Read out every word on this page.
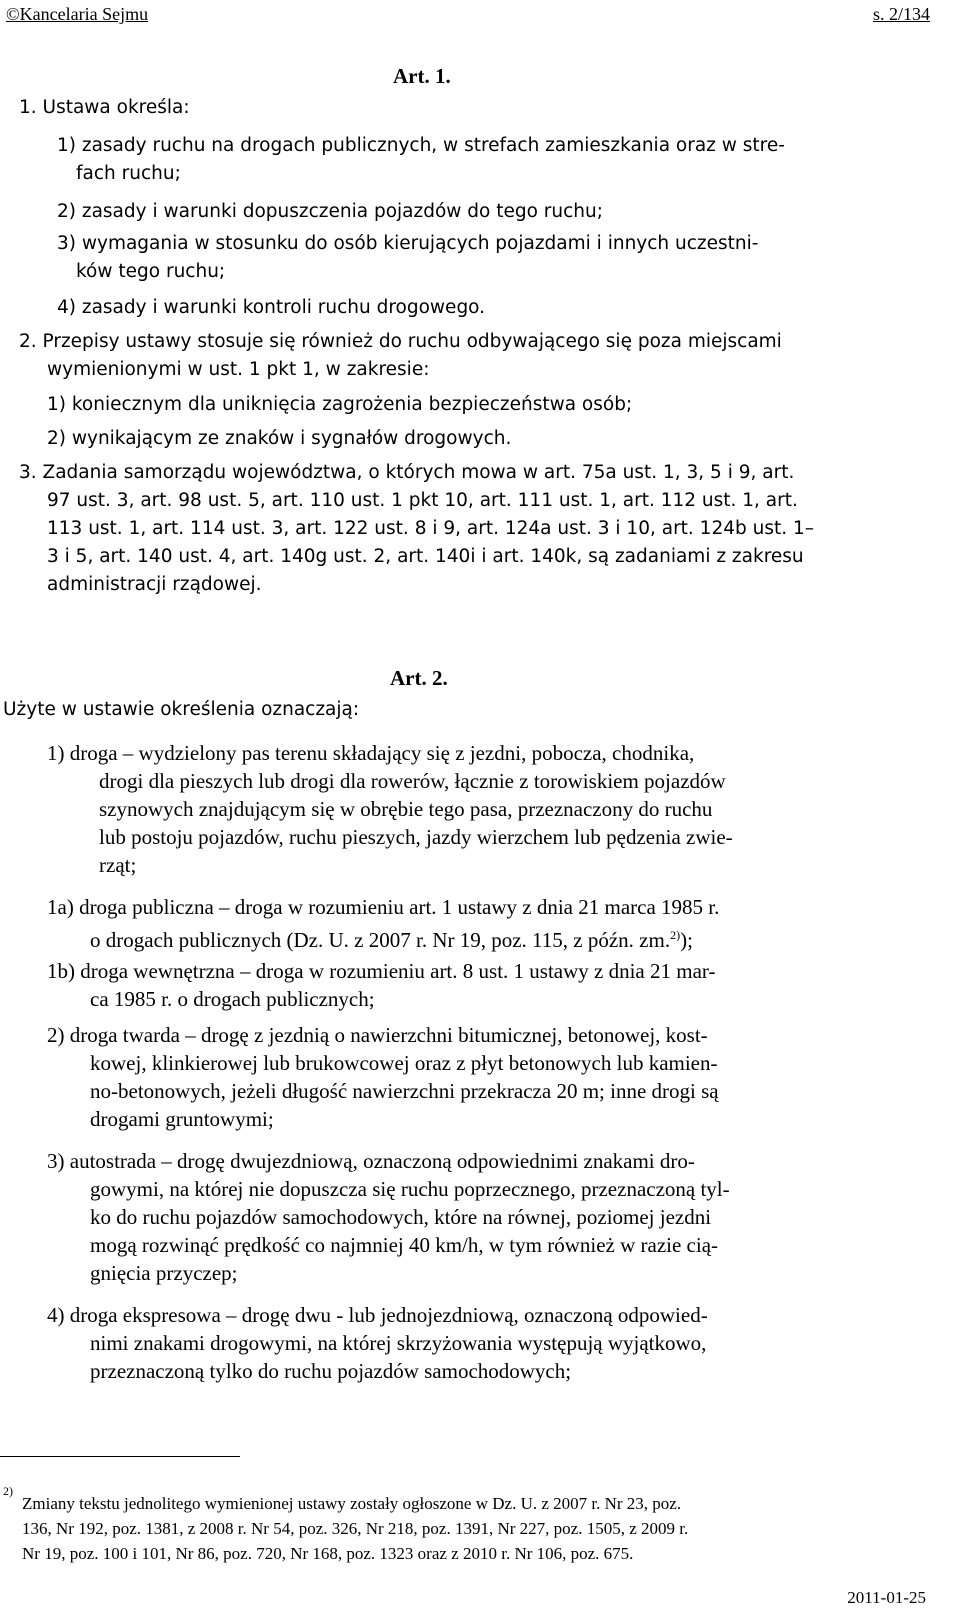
©Kancelaria Sejmu	s. 2/134
Art. 1.
1. Ustawa określa:
1) zasady ruchu na drogach publicznych, w strefach zamieszkania oraz w stre-
fach ruchu;
2) zasady i warunki dopuszczenia pojazdów do tego ruchu;
3) wymagania w stosunku do osób kierujących pojazdami i innych uczestni-
ków tego ruchu;
4) zasady i warunki kontroli ruchu drogowego.
2. Przepisy ustawy stosuje się również do ruchu odbywającego się poza miejscami
wymienionymi w ust. 1 pkt 1, w zakresie:
1) koniecznym dla uniknięcia zagrożenia bezpieczeństwa osób;
2) wynikającym ze znaków i sygnałów drogowych.
3. Zadania samorządu województwa, o których mowa w art. 75a ust. 1, 3, 5 i 9, art.
97 ust. 3, art. 98 ust. 5, art. 110 ust. 1 pkt 10, art. 111 ust. 1, art. 112 ust. 1, art.
113 ust. 1, art. 114 ust. 3, art. 122 ust. 8 i 9, art. 124a ust. 3 i 10, art. 124b ust. 1–
3 i 5, art. 140 ust. 4, art. 140g ust. 2, art. 140i i art. 140k, są zadaniami z zakresu
administracji rządowej.
Art. 2.
Użyte w ustawie określenia oznaczają:
1) droga – wydzielony pas terenu składający się z jezdni, pobocza, chodnika,
drogi dla pieszych lub drogi dla rowerów, łącznie z torowiskiem pojazdów
szynowych znajdującym się w obrębie tego pasa, przeznaczony do ruchu
lub postoju pojazdów, ruchu pieszych, jazdy wierzchem lub pędzenia zwie-
rząt;
1a) droga publiczna – droga w rozumieniu art. 1 ustawy z dnia 21 marca 1985 r.
o drogach publicznych (Dz. U. z 2007 r. Nr 19, poz. 115, z późn. zm.$^{2)}$);
1b) droga wewnętrzna – droga w rozumieniu art. 8 ust. 1 ustawy z dnia 21 mar-
ca 1985 r. o drogach publicznych;
2) droga twarda – drogę z jezdnią o nawierzchni bitumicznej, betonowej, kost-
kowej, klinkierowej lub brukowcowej oraz z płyt betonowych lub kamien-
no-betonowych, jeżeli długość nawierzchni przekracza 20 m; inne drogi są
drogami gruntowymi;
3) autostrada – drogę dwujezdniową, oznaczoną odpowiednimi znakami dro-
gowymi, na której nie dopuszcza się ruchu poprzecznego, przeznaczoną tyl-
ko do ruchu pojazdów samochodowych, które na równej, poziomej jezdni
mogą rozwinąć prędkość co najmniej 40 km/h, w tym również w razie cią-
gnięcia przyczep;
4) droga ekspresowa – drogę dwu - lub jednojezdniową, oznaczoną odpowied-
nimi znakami drogowymi, na której skrzyżowania występują wyjątkowo,
przeznaczoną tylko do ruchu pojazdów samochodowych;
$^{2)}$
Zmiany tekstu jednolitego wymienionej ustawy zostały ogłoszone w Dz. U. z 2007 r. Nr 23, poz.
136, Nr 192, poz. 1381, z 2008 r. Nr 54, poz. 326, Nr 218, poz. 1391, Nr 227, poz. 1505, z 2009 r.
Nr 19, poz. 100 i 101, Nr 86, poz. 720, Nr 168, poz. 1323 oraz z 2010 r. Nr 106, poz. 675.
2011-01-25
